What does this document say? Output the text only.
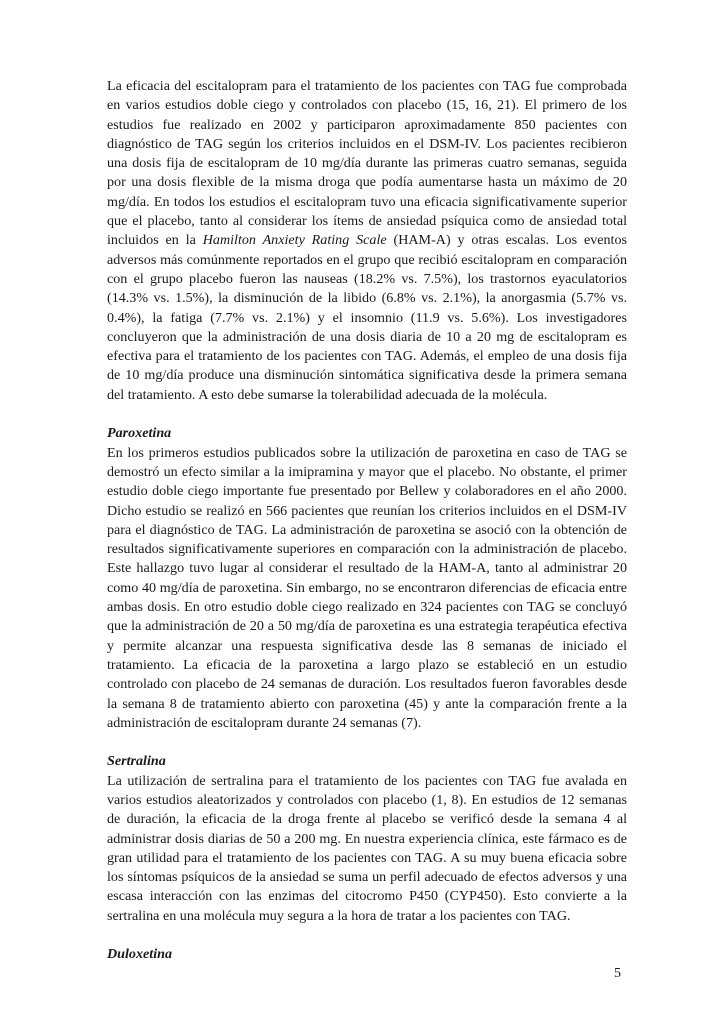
La eficacia del escitalopram para el tratamiento de los pacientes con TAG fue comprobada en varios estudios doble ciego y controlados con placebo (15, 16, 21). El primero de los estudios fue realizado en 2002 y participaron aproximadamente 850 pacientes con diagnóstico de TAG según los criterios incluidos en el DSM-IV. Los pacientes recibieron una dosis fija de escitalopram de 10 mg/día durante las primeras cuatro semanas, seguida por una dosis flexible de la misma droga que podía aumentarse hasta un máximo de 20 mg/día. En todos los estudios el escitalopram tuvo una eficacia significativamente superior que el placebo, tanto al considerar los ítems de ansiedad psíquica como de ansiedad total incluidos en la Hamilton Anxiety Rating Scale (HAM-A) y otras escalas. Los eventos adversos más comúnmente reportados en el grupo que recibió escitalopram en comparación con el grupo placebo fueron las nauseas (18.2% vs. 7.5%), los trastornos eyaculatorios (14.3% vs. 1.5%), la disminución de la libido (6.8% vs. 2.1%), la anorgasmia (5.7% vs. 0.4%), la fatiga (7.7% vs. 2.1%) y el insomnio (11.9 vs. 5.6%). Los investigadores concluyeron que la administración de una dosis diaria de 10 a 20 mg de escitalopram es efectiva para el tratamiento de los pacientes con TAG. Además, el empleo de una dosis fija de 10 mg/día produce una disminución sintomática significativa desde la primera semana del tratamiento. A esto debe sumarse la tolerabilidad adecuada de la molécula.

Paroxetina

En los primeros estudios publicados sobre la utilización de paroxetina en caso de TAG se demostró un efecto similar a la imipramina y mayor que el placebo. No obstante, el primer estudio doble ciego importante fue presentado por Bellew y colaboradores en el año 2000. Dicho estudio se realizó en 566 pacientes que reunían los criterios incluidos en el DSM-IV para el diagnóstico de TAG. La administración de paroxetina se asoció con la obtención de resultados significativamente superiores en comparación con la administración de placebo. Este hallazgo tuvo lugar al considerar el resultado de la HAM-A, tanto al administrar 20 como 40 mg/día de paroxetina. Sin embargo, no se encontraron diferencias de eficacia entre ambas dosis. En otro estudio doble ciego realizado en 324 pacientes con TAG se concluyó que la administración de 20 a 50 mg/día de paroxetina es una estrategia terapéutica efectiva y permite alcanzar una respuesta significativa desde las 8 semanas de iniciado el tratamiento. La eficacia de la paroxetina a largo plazo se estableció en un estudio controlado con placebo de 24 semanas de duración. Los resultados fueron favorables desde la semana 8 de tratamiento abierto con paroxetina (45) y ante la comparación frente a la administración de escitalopram durante 24 semanas (7).

Sertralina

La utilización de sertralina para el tratamiento de los pacientes con TAG fue avalada en varios estudios aleatorizados y controlados con placebo (1, 8). En estudios de 12 semanas de duración, la eficacia de la droga frente al placebo se verificó desde la semana 4 al administrar dosis diarias de 50 a 200 mg. En nuestra experiencia clínica, este fármaco es de gran utilidad para el tratamiento de los pacientes con TAG. A su muy buena eficacia sobre los síntomas psíquicos de la ansiedad se suma un perfil adecuado de efectos adversos y una escasa interacción con las enzimas del citocromo P450 (CYP450). Esto convierte a la sertralina en una molécula muy segura a la hora de tratar a los pacientes con TAG.

Duloxetina
5
